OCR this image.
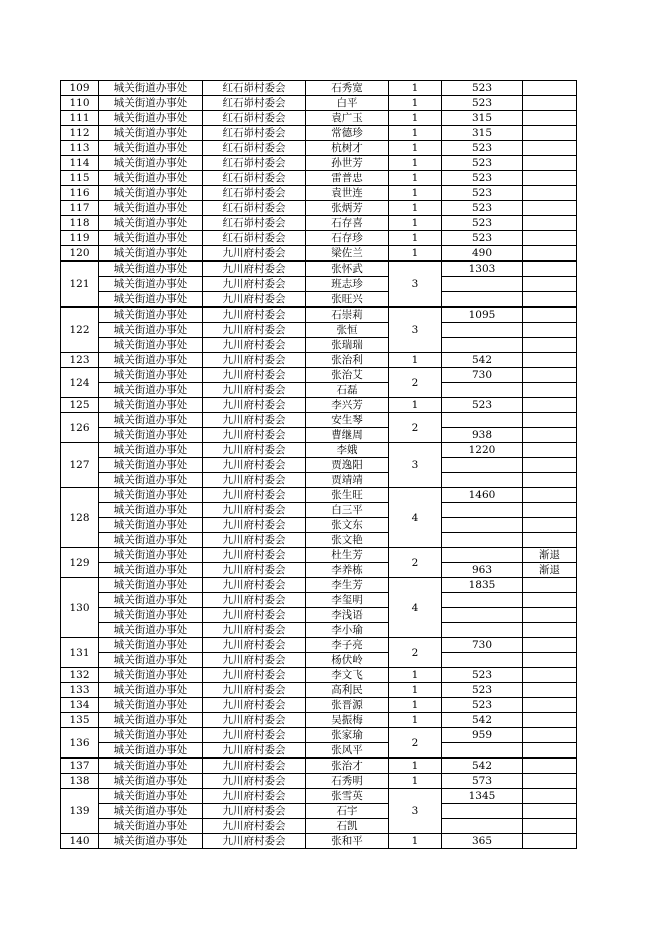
109	城关街道办事处	红石峁村委会	石秀宽	1	523	
110	城关街道办事处	红石峁村委会	白平	1	523	
111	城关街道办事处	红石峁村委会	袁广玉	1	315	
112	城关街道办事处	红石峁村委会	常德珍	1	315	
113	城关街道办事处	红石峁村委会	杭树才	1	523	
114	城关街道办事处	红石峁村委会	孙世芳	1	523	
115	城关街道办事处	红石峁村委会	雷普忠	1	523	
116	城关街道办事处	红石峁村委会	袁世连	1	523	
117	城关街道办事处	红石峁村委会	张炳芳	1	523	
118	城关街道办事处	红石峁村委会	石存喜	1	523	
119	城关街道办事处	红石峁村委会	石存珍	1	523	
120	城关街道办事处	九川府村委会	梁佐兰	1	490	
121	城关街道办事处	九川府村委会	张怀武	3	1303	
	城关街道办事处	九川府村委会	班志珍			
	城关街道办事处	九川府村委会	张旺兴			
122	城关街道办事处	九川府村委会	石崇莉	3	1095	
	城关街道办事处	九川府村委会	张恒			
	城关街道办事处	九川府村委会	张瑞瑞			
123	城关街道办事处	九川府村委会	张治利	1	542	
124	城关街道办事处	九川府村委会	张治艾	2	730	
	城关街道办事处	九川府村委会	石磊			
125	城关街道办事处	九川府村委会	李兴芳	1	523	
126	城关街道办事处	九川府村委会	安生琴	2		
	城关街道办事处	九川府村委会	曹继周		938	
127	城关街道办事处	九川府村委会	李娥	3	1220	
	城关街道办事处	九川府村委会	贾逸阳			
	城关街道办事处	九川府村委会	贾靖靖			
128	城关街道办事处	九川府村委会	张生旺	4	1460	
	城关街道办事处	九川府村委会	白三平			
	城关街道办事处	九川府村委会	张文东			
	城关街道办事处	九川府村委会	张文艳			
129	城关街道办事处	九川府村委会	杜生芳	2		渐退
	城关街道办事处	九川府村委会	李养栋		963	渐退
130	城关街道办事处	九川府村委会	李生芳	4	1835	
	城关街道办事处	九川府村委会	李玺明			
	城关街道办事处	九川府村委会	李浅语			
	城关街道办事处	九川府村委会	李小瑜			
131	城关街道办事处	九川府村委会	李子亮	2	730	
	城关街道办事处	九川府村委会	杨伏岭			
132	城关街道办事处	九川府村委会	李文飞	1	523	
133	城关街道办事处	九川府村委会	高利民	1	523	
134	城关街道办事处	九川府村委会	张晋源	1	523	
135	城关街道办事处	九川府村委会	吴振梅	1	542	
136	城关街道办事处	九川府村委会	张家瑜	2	959	
	城关街道办事处	九川府村委会	张风平			
137	城关街道办事处	九川府村委会	张治才	1	542	
138	城关街道办事处	九川府村委会	石秀明	1	573	
139	城关街道办事处	九川府村委会	张雪英	3	1345	
	城关街道办事处	九川府村委会	石宇			
	城关街道办事处	九川府村委会	石凯			
140	城关街道办事处	九川府村委会	张和平	1	365	
